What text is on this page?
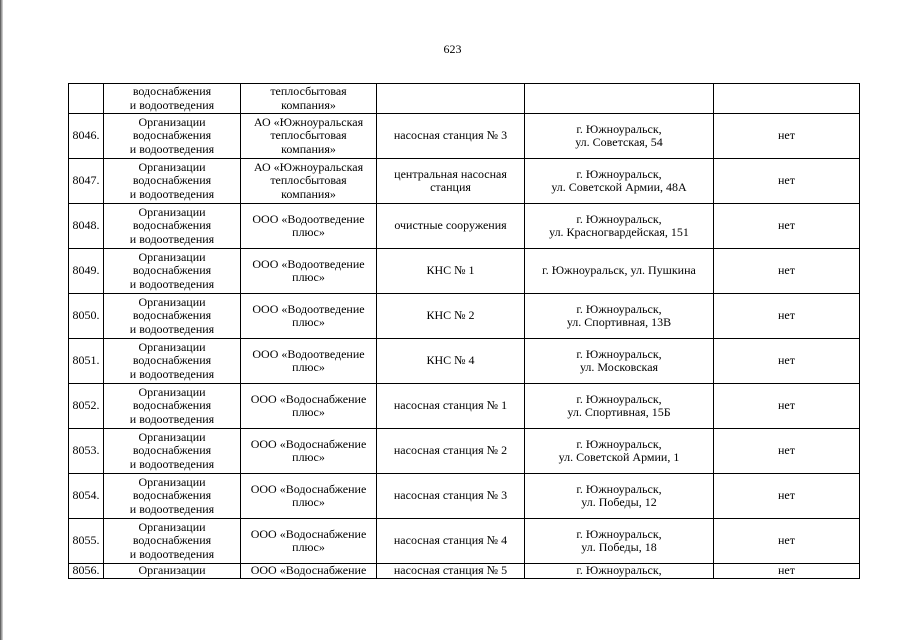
623
	водоснабжения
и водоотведения	теплосбытовая
компания»			
8046.	Организации
водоснабжения
и водоотведения	АО «Южноуральская
теплосбытовая
компания»	насосная станция № 3	г. Южноуральск,
ул. Советская, 54	нет
8047.	Организации
водоснабжения
и водоотведения	АО «Южноуральская
теплосбытовая
компания»	центральная насосная
станция	г. Южноуральск,
ул. Советской Армии, 48А	нет
8048.	Организации
водоснабжения
и водоотведения	ООО «Водоотведение
плюс»	очистные сооружения	г. Южноуральск,
ул. Красногвардейская, 151	нет
8049.	Организации
водоснабжения
и водоотведения	ООО «Водоотведение
плюс»	КНС № 1	г. Южноуральск, ул. Пушкина	нет
8050.	Организации
водоснабжения
и водоотведения	ООО «Водоотведение
плюс»	КНС № 2	г. Южноуральск,
ул. Спортивная, 13В	нет
8051.	Организации
водоснабжения
и водоотведения	ООО «Водоотведение
плюс»	КНС № 4	г. Южноуральск,
ул. Московская	нет
8052.	Организации
водоснабжения
и водоотведения	ООО «Водоснабжение
плюс»	насосная станция № 1	г. Южноуральск,
ул. Спортивная, 15Б	нет
8053.	Организации
водоснабжения
и водоотведения	ООО «Водоснабжение
плюс»	насосная станция № 2	г. Южноуральск,
ул. Советской Армии, 1	нет
8054.	Организации
водоснабжения
и водоотведения	ООО «Водоснабжение
плюс»	насосная станция № 3	г. Южноуральск,
ул. Победы, 12	нет
8055.	Организации
водоснабжения
и водоотведения	ООО «Водоснабжение
плюс»	насосная станция № 4	г. Южноуральск,
ул. Победы, 18	нет
8056.	Организации	ООО «Водоснабжение	насосная станция № 5	г. Южноуральск,	нет
